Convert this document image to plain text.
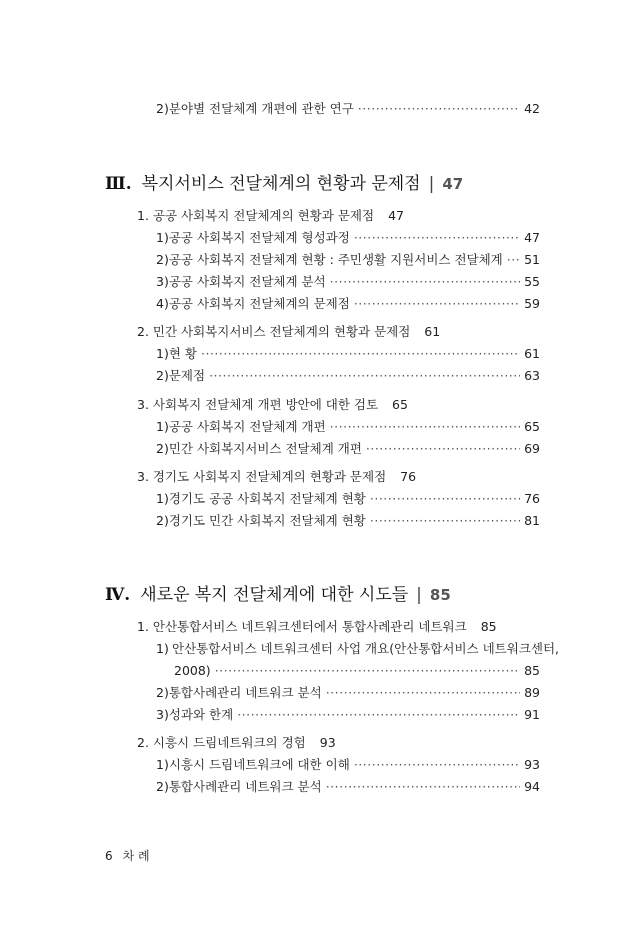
2) 분야별 전달체계 개편에 관한 연구 ·····	42
Ⅲ. 복지서비스 전달체계의 현황과 문제점 | 47
1. 공공 사회복지 전달체계의 현황과 문제점 47
1) 공공 사회복지 전달체계 형성과정 ·····	47
2) 공공 사회복지 전달체계 현황 : 주민생활 지원서비스 전달체계 ····· 51
3) 공공 사회복지 전달체계 분석 ·····	55
4) 공공 사회복지 전달체계의 문제점 ·····	59
2. 민간 사회복지서비스 전달체계의 현황과 문제점 61
1) 현 황 ·····	61
2) 문제점 ·····	63
3. 사회복지 전달체계 개편 방안에 대한 검토 65
1) 공공 사회복지 전달체계 개편 ·····	65
2) 민간 사회복지서비스 전달체계 개편 ·····	69
3. 경기도 사회복지 전달체계의 현황과 문제점 76
1) 경기도 공공 사회복지 전달체계 현황 ·····	76
2) 경기도 민간 사회복지 전달체계 현황 ·····	81
Ⅳ. 새로운 복지 전달체계에 대한 시도들 | 85
1. 안산통합서비스 네트워크센터에서 통합사례관리 네트워크 85
1) 안산통합서비스 네트워크센터 사업 개요(안산통합서비스 네트워크센터,
2008) ·····	85
2) 통합사례관리 네트워크 분석 ·····	89
3) 성과와 한계 ·····	91
2. 시흥시 드림네트워크의 경험 93
1) 시흥시 드림네트워크에 대한 이해 ·····	93
2) 통합사례관리 네트워크 분석 ·····	94
6 차 례
